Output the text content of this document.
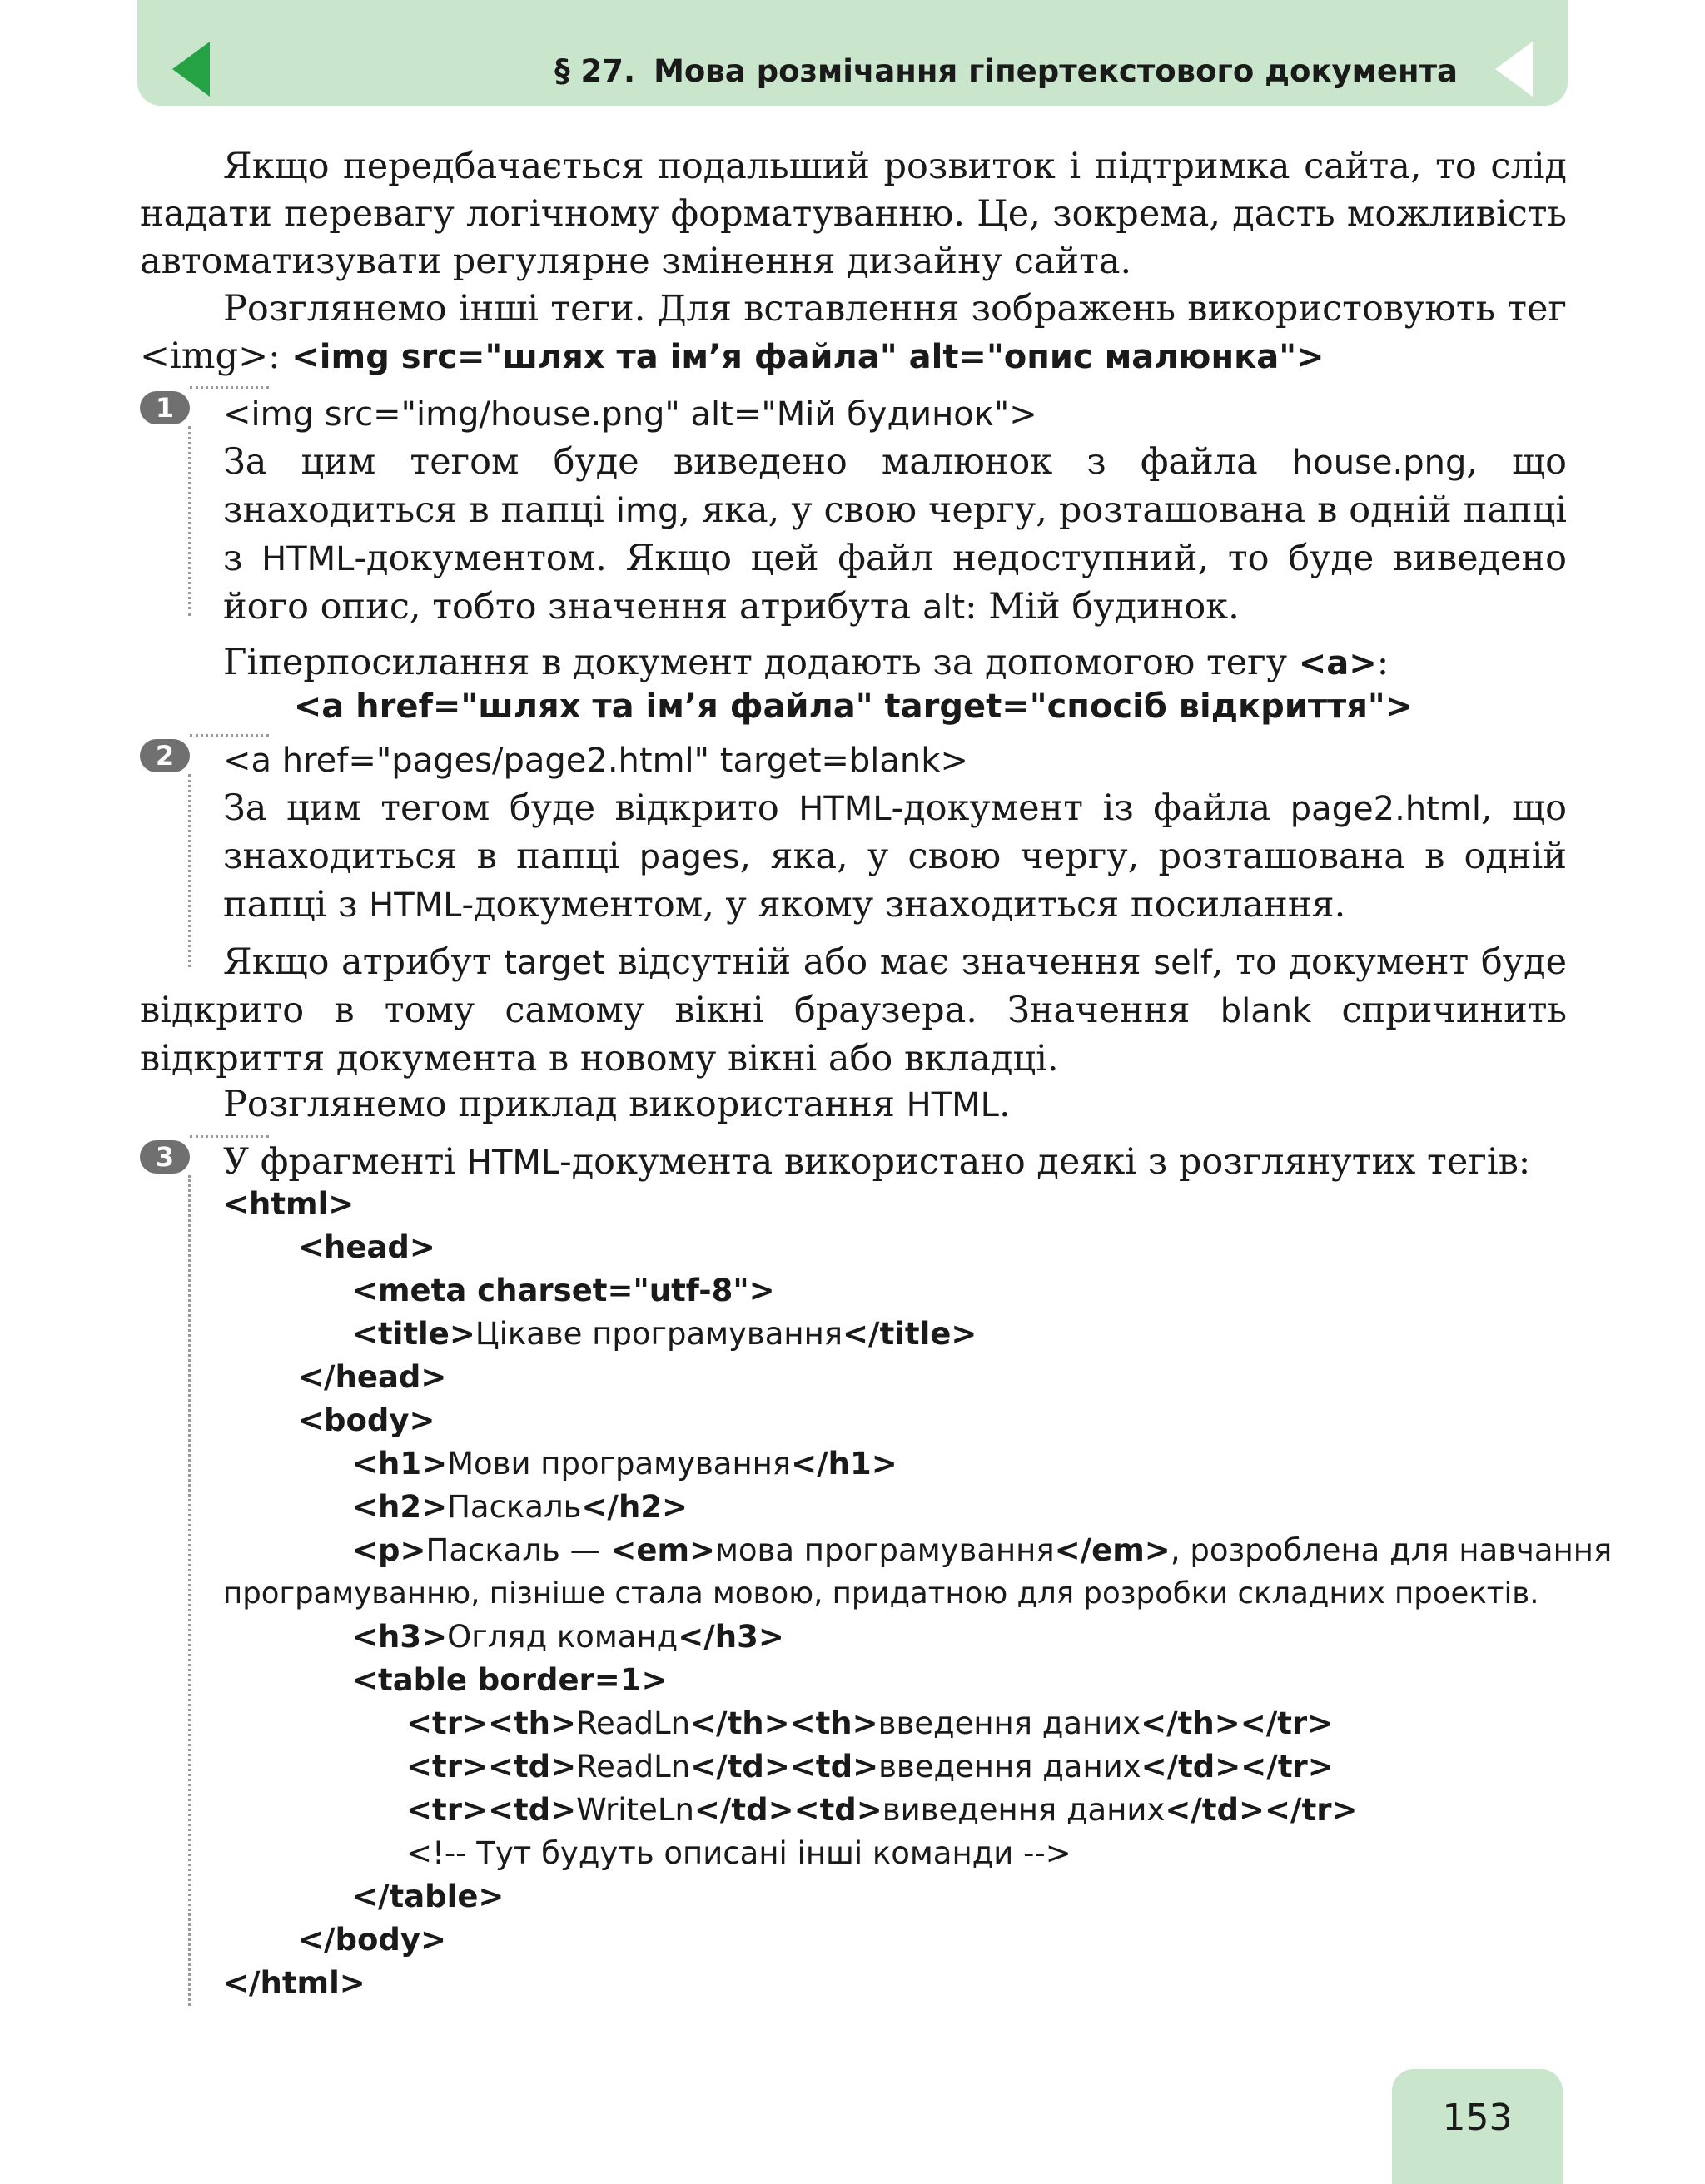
§ 27. Мова розмічання гіпертекстового документа
Якщо передбачається подальший розвиток і підтримка сайта, то слід надати перевагу логічному форматуванню. Це, зокрема, дасть можливість автоматизувати регулярне змінення дизайну сайта.
Розглянемо інші теги. Для вставлення зображень використовують тег <img>: <img src="шлях та ім’я файла" alt="опис малюнка">
1	<img src="img/house.png" alt="Мій будинок">
За цим тегом буде виведено малюнок з файла house.png, що знаходиться в папці img, яка, у свою чергу, розташована в одній папці з HTML-документом. Якщо цей файл недоступний, то буде виведено його опис, тобто значення атрибута alt: Мій будинок.
Гіперпосилання в документ додають за допомогою тегу <a>:
<a href="шлях та ім’я файла" target="спосіб відкриття">
2	<a href="pages/page2.html" target=blank>
За цим тегом буде відкрито HTML-документ із файла page2.html, що знаходиться в папці pages, яка, у свою чергу, розташована в одній папці з HTML-документом, у якому знаходиться посилання.
Якщо атрибут target відсутній або має значення self, то документ буде відкрито в тому самому вікні браузера. Значення blank спричинить відкриття документа в новому вікні або вкладці.
Розглянемо приклад використання HTML.
3	У фрагменті HTML-документа використано деякі з розглянутих тегів:
<html>
<head>
<meta charset="utf-8">
<title>Цікаве програмування</title>
</head>
<body>
<h1>Мови програмування</h1>
<h2>Паскаль</h2>
<p>Паскаль — <em>мова програмування</em>, розроблена для навчання
програмуванню, пізніше стала мовою, придатною для розробки складних проектів.
<h3>Огляд команд</h3>
<table border=1>
<tr><th>ReadLn</th><th>введення даних</th></tr>
<tr><td>ReadLn</td><td>введення даних</td></tr>
<tr><td>WriteLn</td><td>виведення даних</td></tr>
<!-- Тут будуть описані інші команди -->
</table>
</body>
</html>
153
